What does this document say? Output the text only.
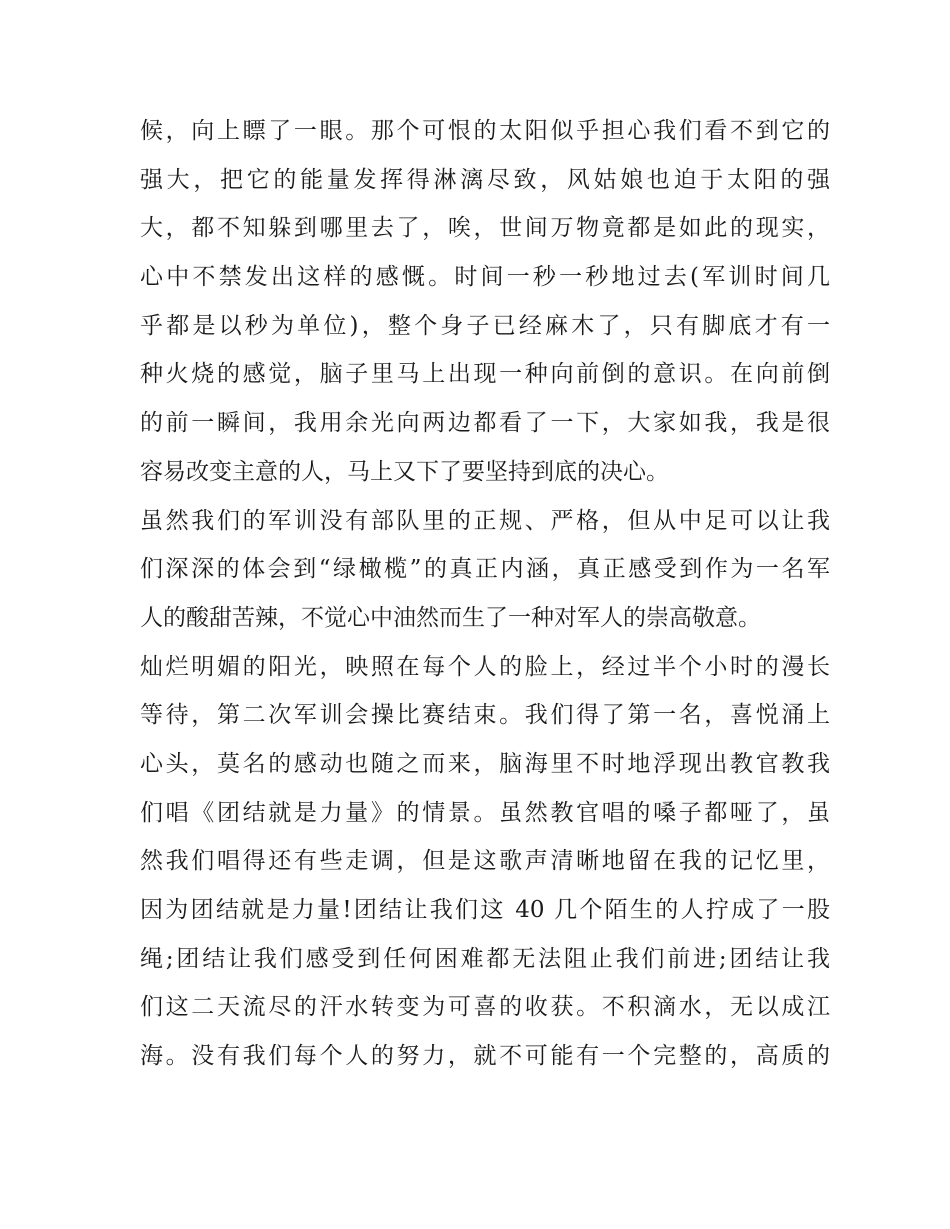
候，向上瞟了一眼。那个可恨的太阳似乎担心我们看不到它的
强大，把它的能量发挥得淋漓尽致，风姑娘也迫于太阳的强
大，都不知躲到哪里去了，唉，世间万物竟都是如此的现实，
心中不禁发出这样的感慨。时间一秒一秒地过去(军训时间几
乎都是以秒为单位)，整个身子已经麻木了，只有脚底才有一
种火烧的感觉，脑子里马上出现一种向前倒的意识。在向前倒
的前一瞬间，我用余光向两边都看了一下，大家如我，我是很
容易改变主意的人，马上又下了要坚持到底的决心。
虽然我们的军训没有部队里的正规、严格，但从中足可以让我
们深深的体会到“绿橄榄”的真正内涵，真正感受到作为一名军
人的酸甜苦辣，不觉心中油然而生了一种对军人的崇高敬意。
灿烂明媚的阳光，映照在每个人的脸上，经过半个小时的漫长
等待，第二次军训会操比赛结束。我们得了第一名，喜悦涌上
心头，莫名的感动也随之而来，脑海里不时地浮现出教官教我
们唱《团结就是力量》的情景。虽然教官唱的嗓子都哑了，虽
然我们唱得还有些走调，但是这歌声清晰地留在我的记忆里，
因为团结就是力量!团结让我们这 40 几个陌生的人拧成了一股
绳;团结让我们感受到任何困难都无法阻止我们前进;团结让我
们这二天流尽的汗水转变为可喜的收获。不积滴水，无以成江
海。没有我们每个人的努力，就不可能有一个完整的，高质的
